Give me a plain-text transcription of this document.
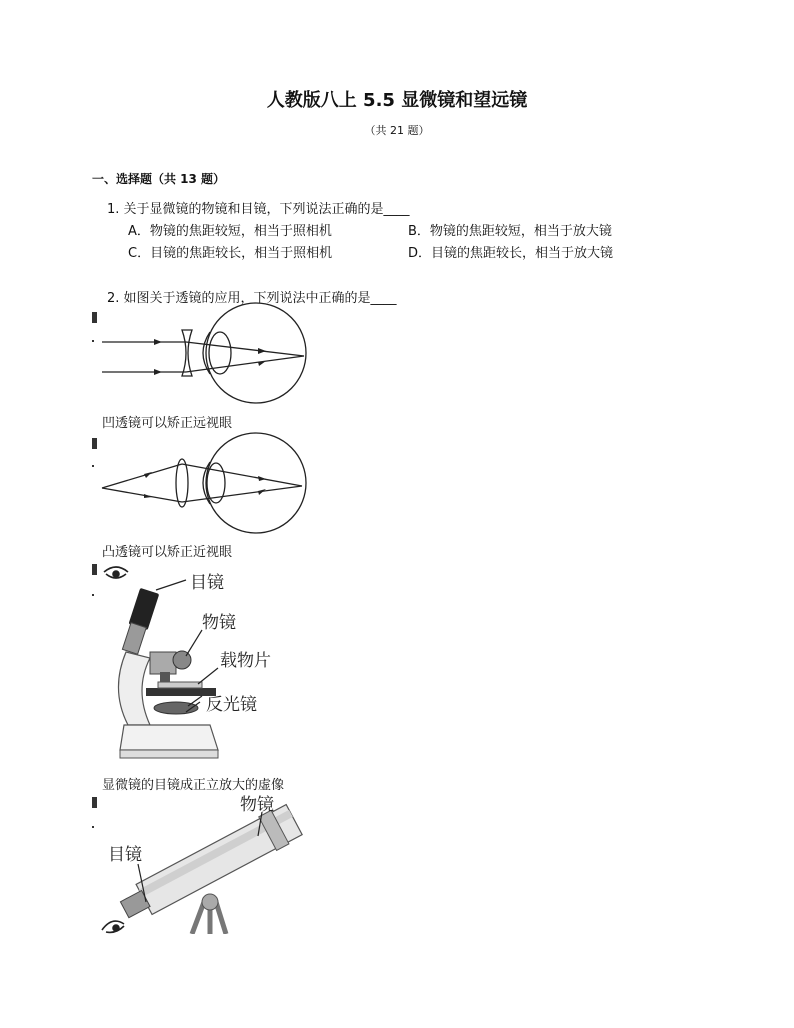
人教版八上 5.5 显微镜和望远镜
（共 21 题）
一、选择题（共 13 题）
1. 关于显微镜的物镜和目镜，下列说法正确的是____
A．物镜的焦距较短，相当于照相机	B．物镜的焦距较短，相当于放大镜
C．目镜的焦距较长，相当于照相机	D．目镜的焦距较长，相当于放大镜
2. 如图关于透镜的应用，下列说法中正确的是____
凹透镜可以矫正远视眼
凸透镜可以矫正近视眼
目镜
物镜
载物片
反光镜
显微镜的目镜成正立放大的虚像
物镜
目镜
